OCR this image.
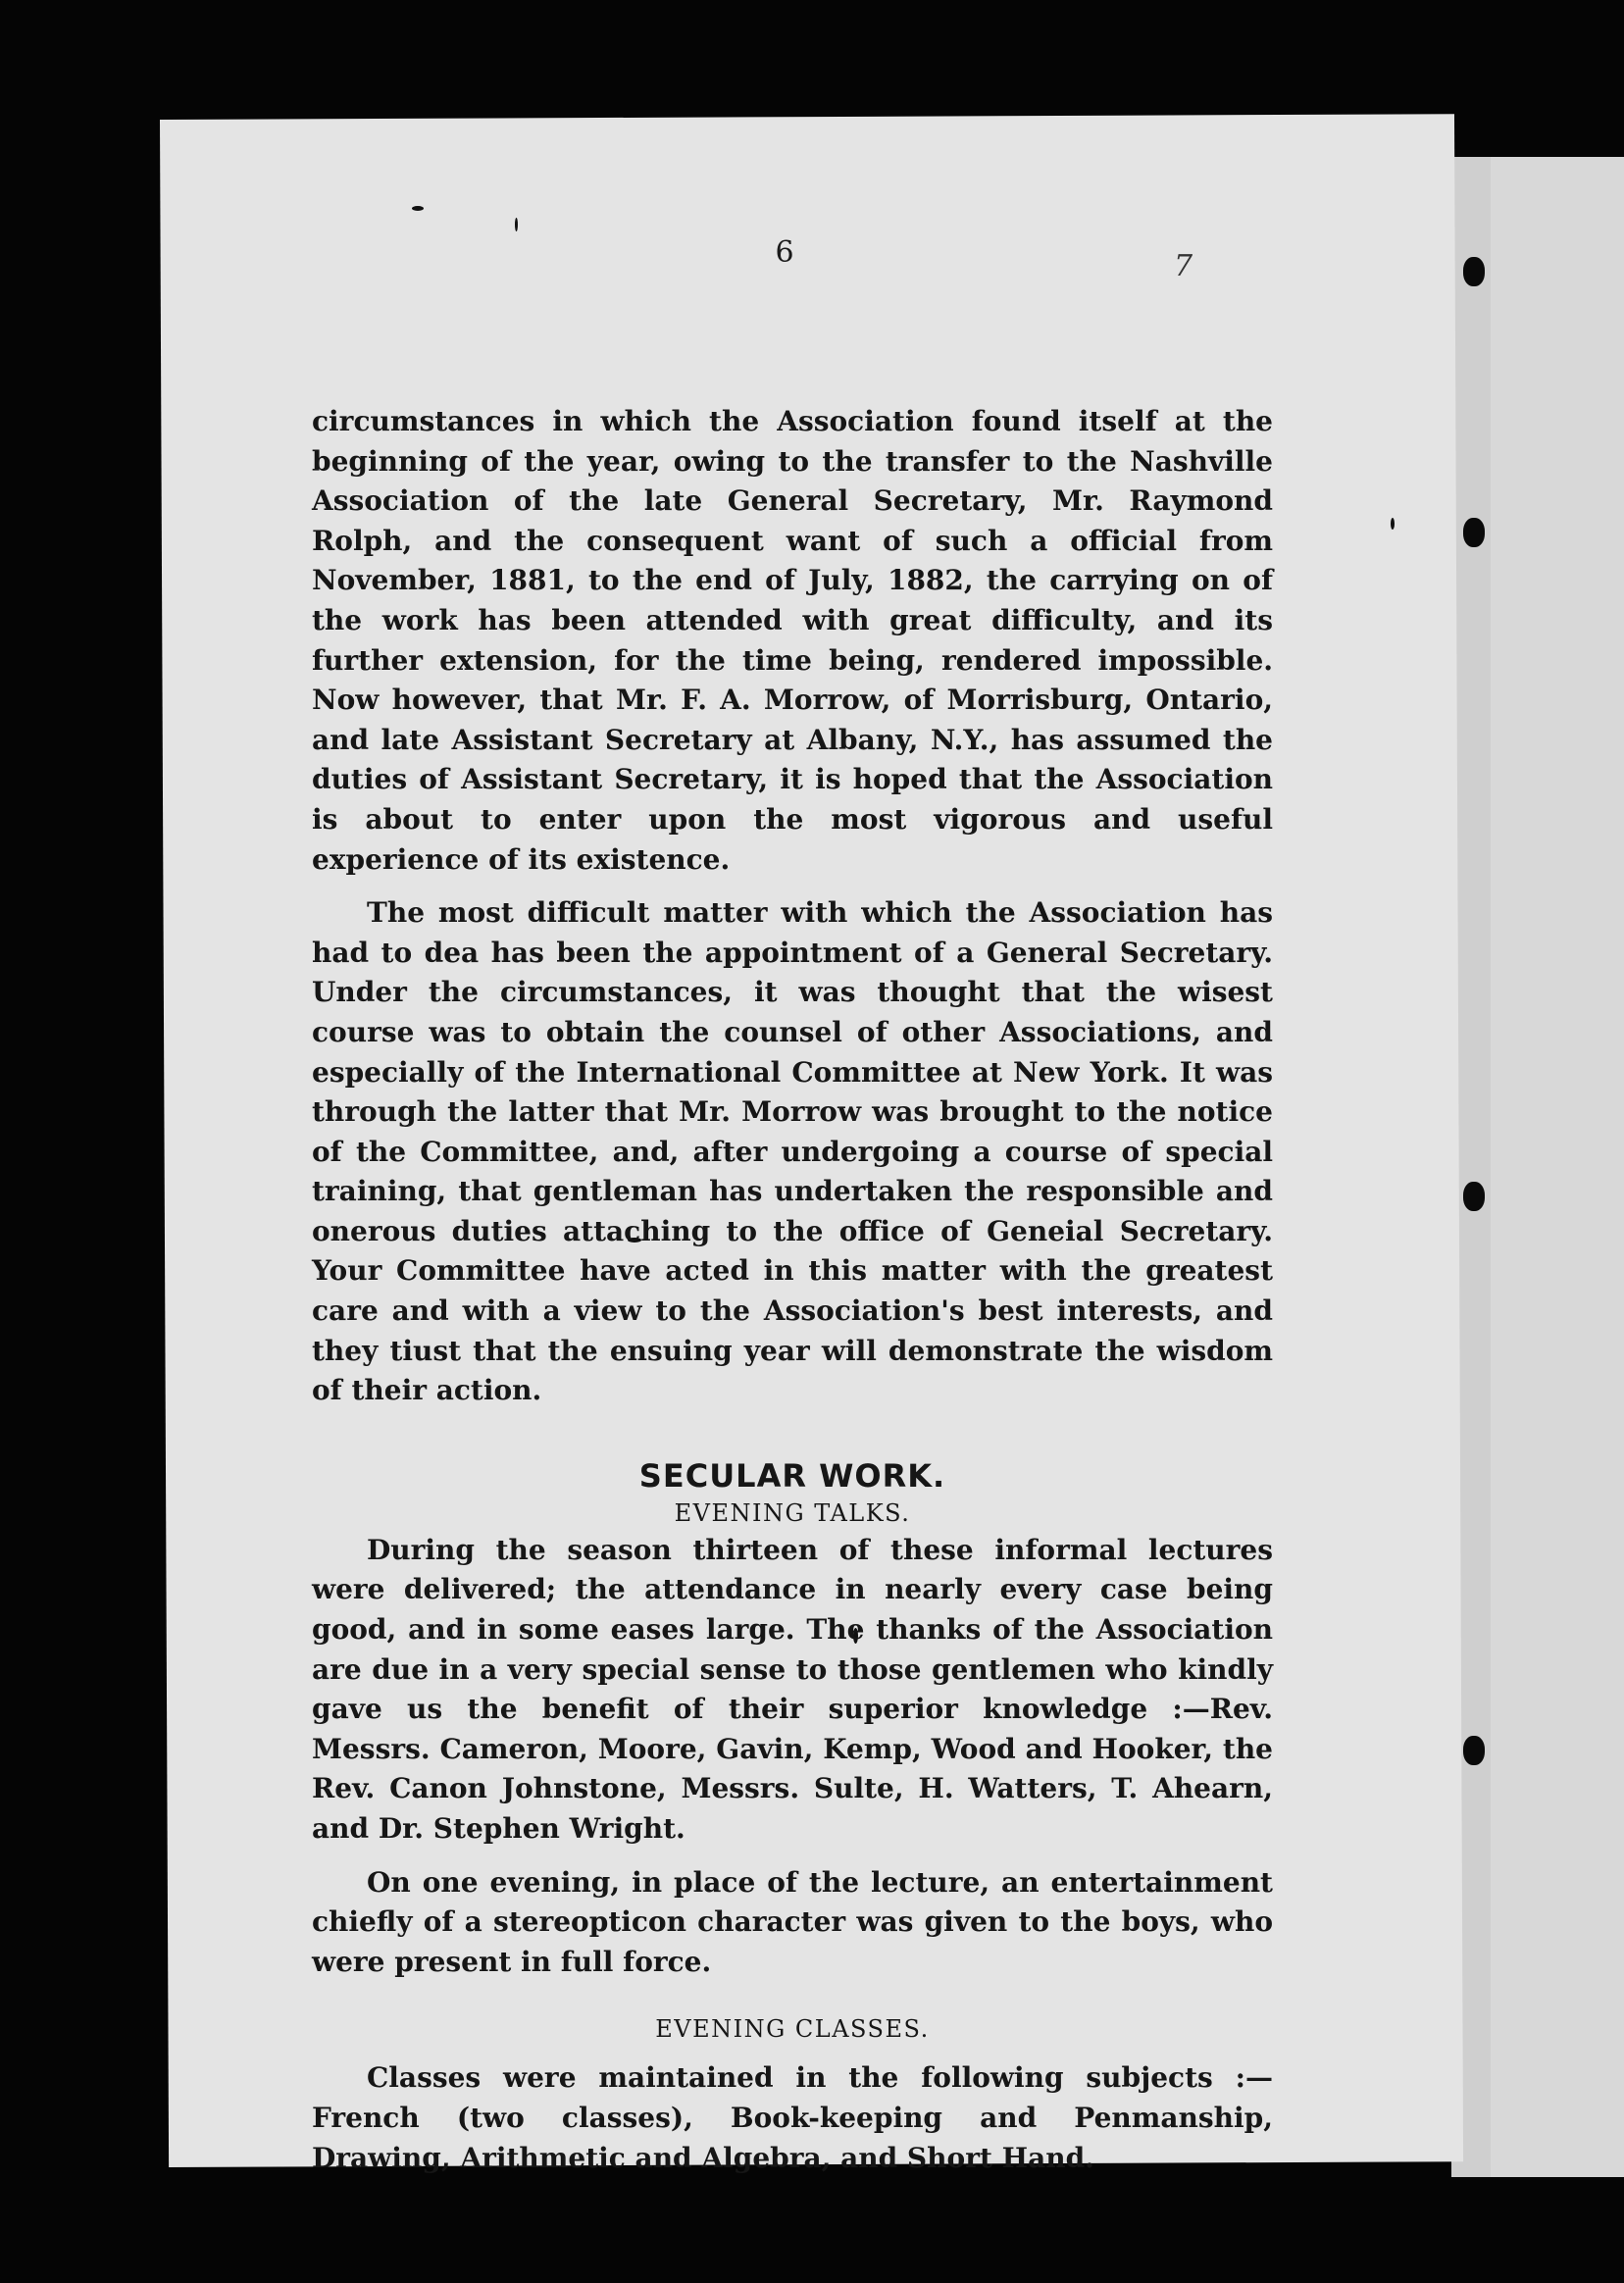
6	7

circumstances in which the Association found itself at the beginning of the year, owing to the transfer to the Nashville Association of the late General Secretary, Mr. Raymond Rolph, and the consequent want of such a official from November, 1881, to the end of July, 1882, the carrying on of the work has been attended with great difficulty, and its further extension, for the time being, rendered impossible. Now however, that Mr. F. A. Morrow, of Morrisburg, Ontario, and late Assistant Secretary at Albany, N.Y., has assumed the duties of Assistant Secretary, it is hoped that the Association is about to enter upon the most vigorous and useful experience of its existence.

The most difficult matter with which the Association has had to dea has been the appointment of a General Secretary. Under the circumstances, it was thought that the wisest course was to obtain the counsel of other Associations, and especially of the International Committee at New York. It was through the latter that Mr. Morrow was brought to the notice of the Committee, and, after undergoing a course of special training, that gentleman has undertaken the responsible and onerous duties attaching to the office of Geneial Secretary. Your Committee have acted in this matter with the greatest care and with a view to the Association's best interests, and they tiust that the ensuing year will demonstrate the wisdom of their action.

SECULAR WORK.
EVENING TALKS.

During the season thirteen of these informal lectures were delivered; the attendance in nearly every case being good, and in some eases large. The thanks of the Association are due in a very special sense to those gentlemen who kindly gave us the benefit of their superior knowledge :—Rev. Messrs. Cameron, Moore, Gavin, Kemp, Wood and Hooker, the Rev. Canon Johnstone, Messrs. Sulte, H. Watters, T. Ahearn, and Dr. Stephen Wright.

On one evening, in place of the lecture, an entertainment chiefly of a stereopticon character was given to the boys, who were present in full force.

EVENING CLASSES.

Classes were maintained in the following subjects :—French (two classes), Book-keeping and Penmanship, Drawing, Arithmetic and Algebra, and Short Hand.
